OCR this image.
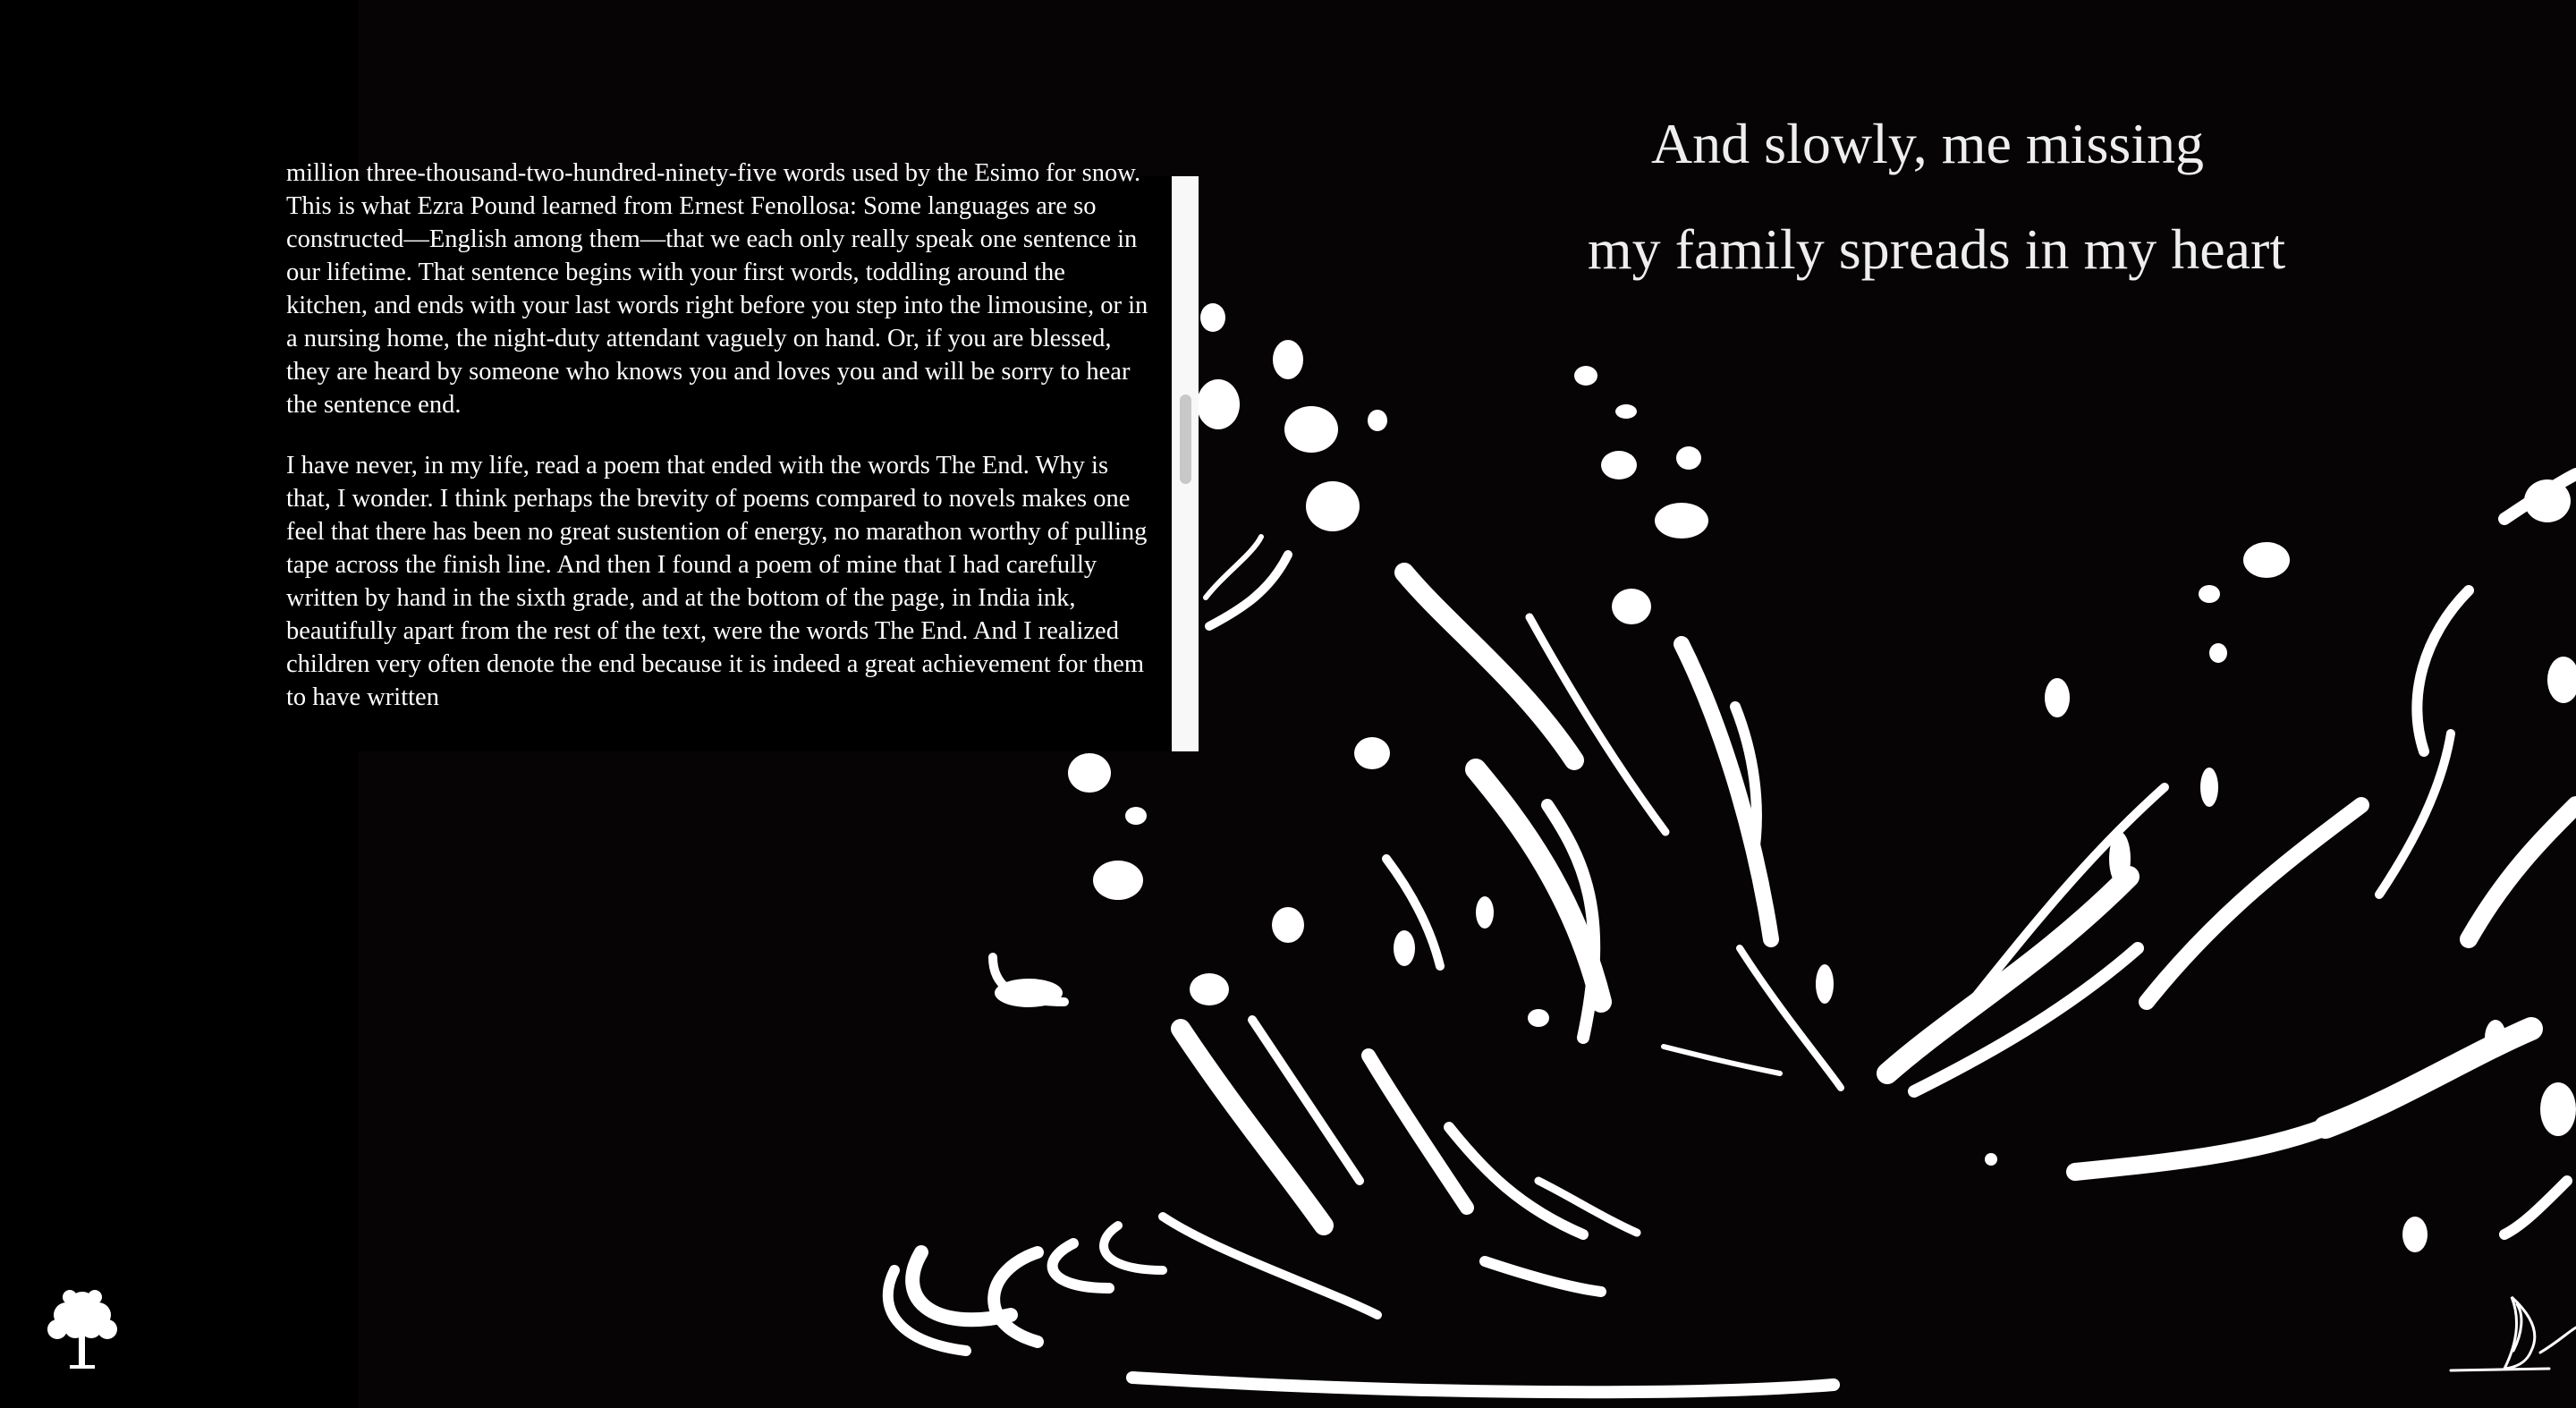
million three-thousand-two-hundred-ninety-five words used by the Esimo for snow. This is what Ezra Pound learned from Ernest Fenollosa: Some languages are so constructed—English among them—that we each only really speak one sentence in our lifetime. That sentence begins with your first words, toddling around the kitchen, and ends with your last words right before you step into the limousine, or in a nursing home, the night-duty attendant vaguely on hand. Or, if you are blessed, they are heard by someone who knows you and loves you and will be sorry to hear the sentence end.

I have never, in my life, read a poem that ended with the words The End. Why is that, I wonder. I think perhaps the brevity of poems compared to novels makes one feel that there has been no great sustention of energy, no marathon worthy of pulling tape across the finish line. And then I found a poem of mine that I had carefully written by hand in the sixth grade, and at the bottom of the page, in India ink, beautifully apart from the rest of the text, were the words The End. And I realized children very often denote the end because it is indeed a great achievement for them to have written

And slowly, me missing
my family spreads in my heart
